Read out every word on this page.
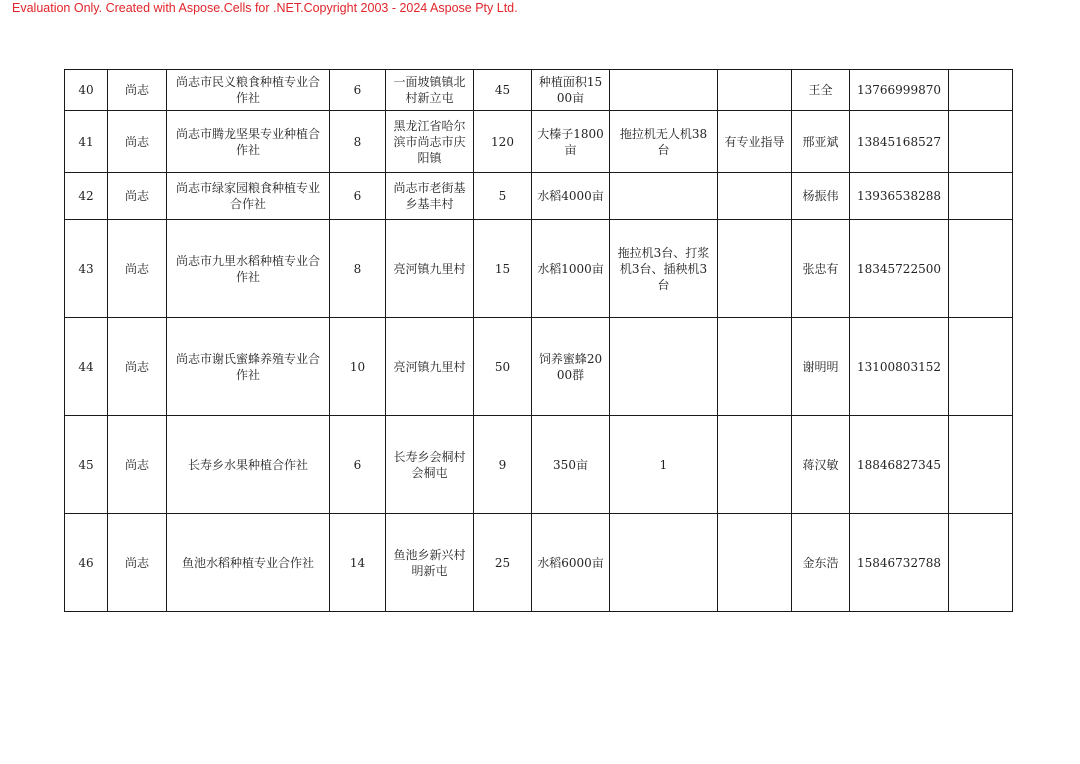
Evaluation Only. Created with Aspose.Cells for .NET.Copyright 2003 - 2024 Aspose Pty Ltd.
40	尚志	尚志市民义粮食种植专业合作社	6	一面坡镇镇北村新立屯	45	种植面积1500亩			王全	13766999870	
41	尚志	尚志市腾龙坚果专业种植合作社	8	黑龙江省哈尔滨市尚志市庆阳镇	120	大榛子1800亩	拖拉机无人机38台	有专业指导	邢亚斌	13845168527	
42	尚志	尚志市绿家园粮食种植专业合作社	6	尚志市老街基乡基丰村	5	水稻4000亩			杨振伟	13936538288	
43	尚志	尚志市九里水稻种植专业合作社	8	亮河镇九里村	15	水稻1000亩	拖拉机3台、打浆机3台、插秧机3台		张忠有	18345722500	
44	尚志	尚志市谢氏蜜蜂养殖专业合作社	10	亮河镇九里村	50	饲养蜜蜂2000群			谢明明	13100803152	
45	尚志	长寿乡水果种植合作社	6	长寿乡会桐村会桐屯	9	350亩	1		蒋汉敏	18846827345	
46	尚志	鱼池水稻种植专业合作社	14	鱼池乡新兴村明新屯	25	水稻6000亩			金东浩	15846732788	
